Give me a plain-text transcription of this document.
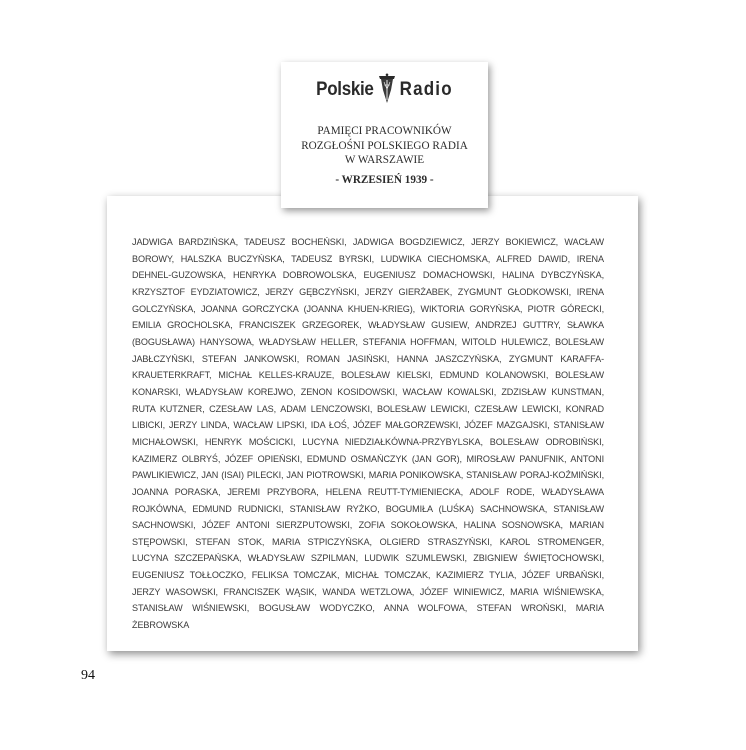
Polskie Radio
PAMIĘCI PRACOWNIKÓW
ROZGŁOŚNI POLSKIEGO RADIA
W WARSZAWIE
- WRZESIEŃ 1939 -
JADWIGA BARDZIŃSKA, TADEUSZ BOCHEŃSKI, JADWIGA BOGDZIEWICZ, JERZY BOKIEWICZ, WACŁAW BOROWY, HALSZKA BUCZYŃSKA, TADEUSZ BYRSKI, LUDWIKA CIECHOMSKA, ALFRED DAWID, IRENA DEHNEL-GUZOWSKA, HENRYKA DOBROWOLSKA, EUGENIUSZ DOMACHOWSKI, HALINA DYBCZYŃSKA, KRZYSZTOF EYDZIATOWICZ, JERZY GĘBCZYŃSKI, JERZY GIERŻABEK, ZYGMUNT GŁODKOWSKI, IRENA GOLCZYŃSKA, JOANNA GORCZYCKA (JOANNA KHUEN-KRIEG), WIKTORIA GORYŃSKA, PIOTR GÓRECKI, EMILIA GROCHOLSKA, FRANCISZEK GRZEGOREK, WŁADYSŁAW GUSIEW, ANDRZEJ GUTTRY, SŁAWKA (BOGUSŁAWA) HANYSOWA, WŁADYSŁAW HELLER, STEFANIA HOFFMAN, WITOLD HULEWICZ, BOLESŁAW JABŁCZYŃSKI, STEFAN JANKOWSKI, ROMAN JASIŃSKI, HANNA JASZCZYŃSKA, ZYGMUNT KARAFFA-KRAUETERKRAFT, MICHAŁ KELLES-KRAUZE, BOLESŁAW KIELSKI, EDMUND KOLANOWSKI, BOLESŁAW KONARSKI, WŁADYSŁAW KOREJWO, ZENON KOSIDOWSKI, WACŁAW KOWALSKI, ZDZISŁAW KUNSTMAN, RUTA KUTZNER, CZESŁAW LAS, ADAM LENCZOWSKI, BOLESŁAW LEWICKI, CZESŁAW LEWICKI, KONRAD LIBICKI, JERZY LINDA, WACŁAW LIPSKI, IDA ŁOŚ, JÓZEF MAŁGORZEWSKI, JÓZEF MAZGAJSKI, STANISŁAW MICHAŁOWSKI, HENRYK MOŚCICKI, LUCYNA NIEDZIAŁKÓWNA-PRZYBYLSKA, BOLESŁAW ODROBIŃSKI, KAZIMERZ OLBRYŚ, JÓZEF OPIEŃSKI, EDMUND OSMAŃCZYK (JAN GOR), MIROSŁAW PANUFNIK, ANTONI PAWLIKIEWICZ, JAN (ISAI) PILECKI, JAN PIOTROWSKI, MARIA PONIKOWSKA, STANISŁAW PORAJ-KOŹMIŃSKI, JOANNA PORASKA, JEREMI PRZYBORA, HELENA REUTT-TYMIENIECKA, ADOLF RODE, WŁADYSŁAWA ROJKÓWNA, EDMUND RUDNICKI, STANISŁAW RYŻKO, BOGUMIŁA (LUŚKA) SACHNOWSKA, STANISŁAW SACHNOWSKI, JÓZEF ANTONI SIERZPUTOWSKI, ZOFIA SOKOŁOWSKA, HALINA SOSNOWSKA, MARIAN STĘPOWSKI, STEFAN STOK, MARIA STPICZYŃSKA, OLGIERD STRASZYŃSKI, KAROL STROMENGER, LUCYNA SZCZEPAŃSKA, WŁADYSŁAW SZPILMAN, LUDWIK SZUMLEWSKI, ZBIGNIEW ŚWIĘTOCHOWSKI, EUGENIUSZ TOŁŁOCZKO, FELIKSA TOMCZAK, MICHAŁ TOMCZAK, KAZIMIERZ TYLIA, JÓZEF URBAŃSKI, JERZY WASOWSKI, FRANCISZEK WĄSIK, WANDA WETZLOWA, JÓZEF WINIEWICZ, MARIA WIŚNIEWSKA, STANISŁAW WIŚNIEWSKI, BOGUSŁAW WODYCZKO, ANNA WOLFOWA, STEFAN WROŃSKI, MARIA ŻEBROWSKA
94
